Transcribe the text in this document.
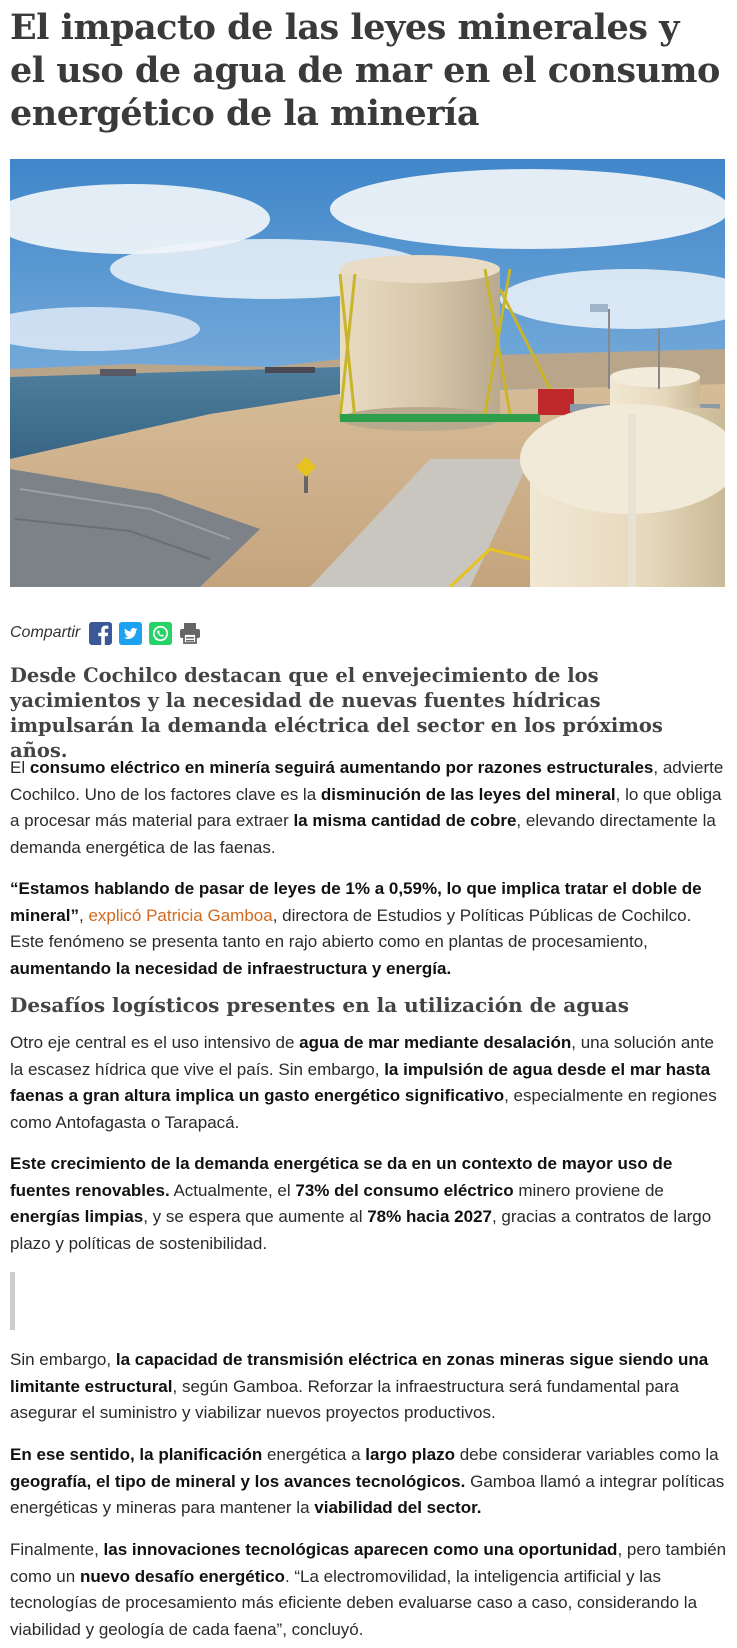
El impacto de las leyes minerales y el uso de agua de mar en el consumo energético de la minería
Compartir

Desde Cochilco destacan que el envejecimiento de los yacimientos y la necesidad de nuevas fuentes hídricas impulsarán la demanda eléctrica del sector en los próximos años.

El consumo eléctrico en minería seguirá aumentando por razones estructurales, advierte Cochilco. Uno de los factores clave es la disminución de las leyes del mineral, lo que obliga a procesar más material para extraer la misma cantidad de cobre, elevando directamente la demanda energética de las faenas.

“Estamos hablando de pasar de leyes de 1% a 0,59%, lo que implica tratar el doble de mineral”, explicó Patricia Gamboa, directora de Estudios y Políticas Públicas de Cochilco. Este fenómeno se presenta tanto en rajo abierto como en plantas de procesamiento, aumentando la necesidad de infraestructura y energía.

Desafíos logísticos presentes en la utilización de aguas

Otro eje central es el uso intensivo de agua de mar mediante desalación, una solución ante la escasez hídrica que vive el país. Sin embargo, la impulsión de agua desde el mar hasta faenas a gran altura implica un gasto energético significativo, especialmente en regiones como Antofagasta o Tarapacá.

Este crecimiento de la demanda energética se da en un contexto de mayor uso de fuentes renovables. Actualmente, el 73% del consumo eléctrico minero proviene de energías limpias, y se espera que aumente al 78% hacia 2027, gracias a contratos de largo plazo y políticas de sostenibilidad.

Sin embargo, la capacidad de transmisión eléctrica en zonas mineras sigue siendo una limitante estructural, según Gamboa. Reforzar la infraestructura será fundamental para asegurar el suministro y viabilizar nuevos proyectos productivos.

En ese sentido, la planificación energética a largo plazo debe considerar variables como la geografía, el tipo de mineral y los avances tecnológicos. Gamboa llamó a integrar políticas energéticas y mineras para mantener la viabilidad del sector.

Finalmente, las innovaciones tecnológicas aparecen como una oportunidad, pero también como un nuevo desafío energético. “La electromovilidad, la inteligencia artificial y las tecnologías de procesamiento más eficiente deben evaluarse caso a caso, considerando la viabilidad y geología de cada faena”, concluyó.
